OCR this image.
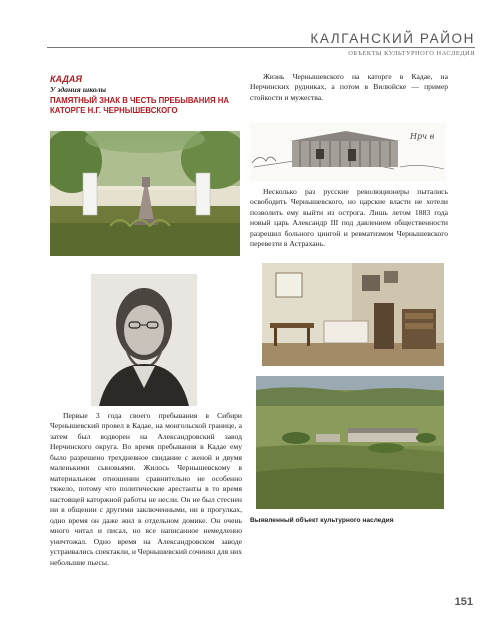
КАЛГАНСКИЙ РАЙОН
ОБЪЕКТЫ КУЛЬТУРНОГО НАСЛЕДИЯ
КАДАЯ
У здания школы
ПАМЯТНЫЙ ЗНАК В ЧЕСТЬ ПРЕБЫВАНИЯ НА КАТОРГЕ Н.Г. ЧЕРНЫШЕВСКОГО

Жизнь Чернышевского на каторге в Кадае, на Нерчинских рудниках, а потом в Вилюйске — пример стойкости и мужества.

Нрч в

Несколько раз русские революционеры пытались освободить Чернышевского, но царские власти не хотели позволить ему выйти из острога. Лишь летом 1883 года новый царь Александр III под давлением общественности разрешил больного цингой и ревматизмом Чернышевского перевезти в Астрахань.

Выявленный объект культурного наследия

Первые 3 года своего пребывания в Сибири Чернышевский провел в Кадае, на монгольской границе, а затем был водворен на Александровский завод Нерчинского округа. Во время пребывания в Кадае ему было разрешено трехдневное свидание с женой и двумя маленькими сыновьями. Жилось Чернышевскому в материальном отношении сравнительно не особенно тяжело, потому что политические арестанты в то время настоящей каторжной работы не несли. Он не был стеснен ни в общении с другими заключенными, ни в прогулках, одно время он даже жил в отдельном домике. Он очень много читал и писал, но все написанное немедленно уничтожал. Одно время на Александровском заводе устраивались спектакли, и Чернышевский сочинял для них небольшие пьесы.

151
